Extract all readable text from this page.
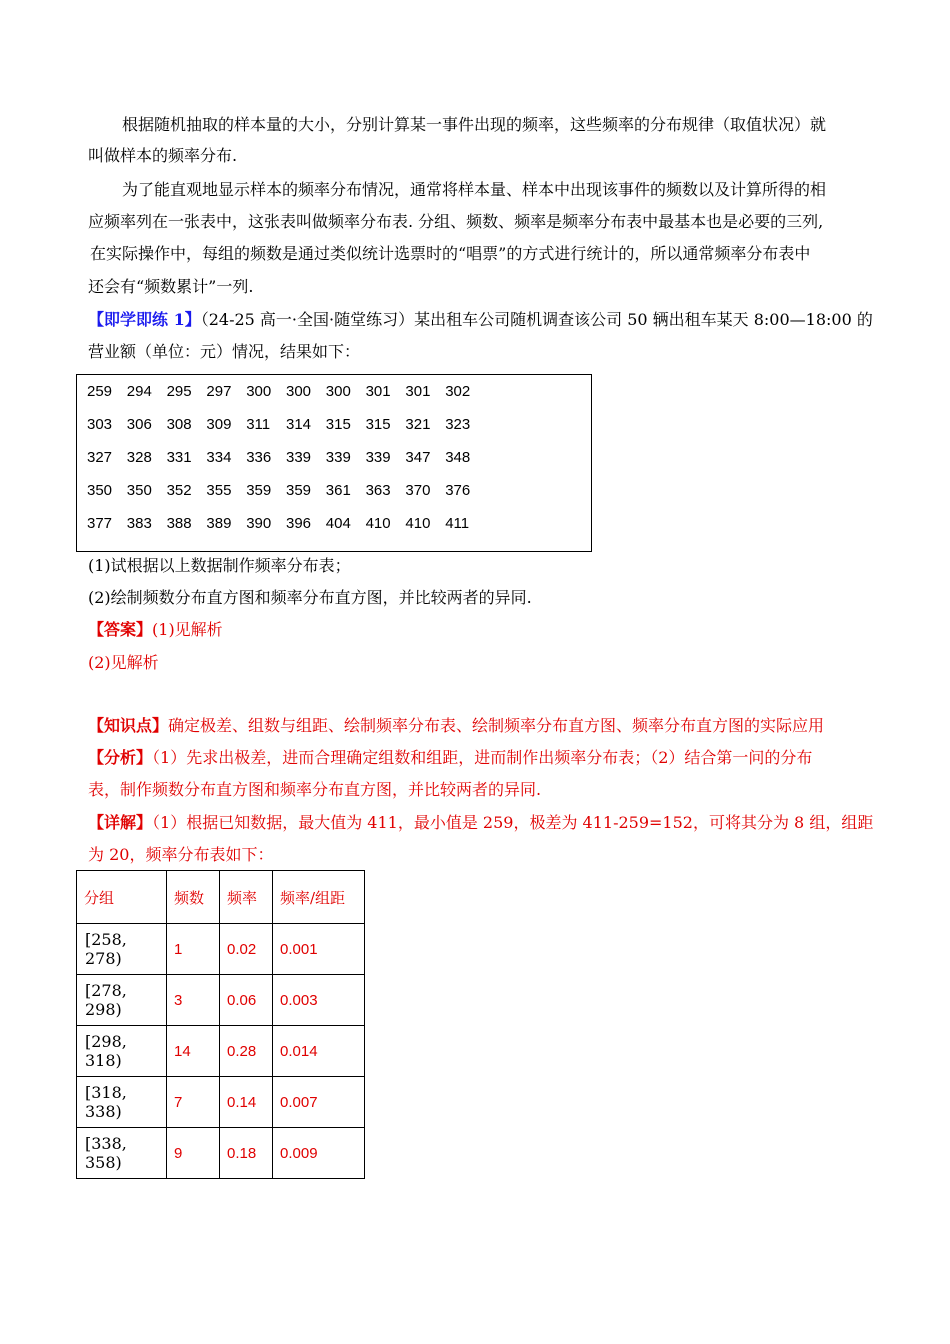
根据随机抽取的样本量的大小，分别计算某一事件出现的频率，这些频率的分布规律（取值状况）就
叫做样本的频率分布.
为了能直观地显示样本的频率分布情况，通常将样本量、样本中出现该事件的频数以及计算所得的相
应频率列在一张表中，这张表叫做频率分布表. 分组、频数、频率是频率分布表中最基本也是必要的三列,
在实际操作中，每组的频数是通过类似统计选票时的“唱票”的方式进行统计的，所以通常频率分布表中
还会有“频数累计”一列.
【即学即练 1】（24-25 高一·全国·随堂练习）某出租车公司随机调查该公司 50 辆出租车某天 8:00—18:00 的
营业额（单位：元）情况，结果如下：
259 294 295 297 300 300 300 301 301 302
303 306 308 309 311	314 315 315 321 323
327 328 331 334 336 339 339 339 347 348
350 350 352 355 359 359 361 363 370 376
377 383 388 389 390 396 404 410 410 411
(1)试根据以上数据制作频率分布表；
(2)绘制频数分布直方图和频率分布直方图，并比较两者的异同.
【答案】(1)见解析
(2)见解析
【知识点】确定极差、组数与组距、绘制频率分布表、绘制频率分布直方图、频率分布直方图的实际应用
【分析】（1）先求出极差，进而合理确定组数和组距，进而制作出频率分布表；（2）结合第一问的分布
表，制作频数分布直方图和频率分布直方图，并比较两者的异同.
【详解】（1）根据已知数据，最大值为 411，最小值是 259，极差为 411-259=152，可将其分为 8 组，组距
为 20，频率分布表如下：
分组	频数	频率	频率/组距
[258, 278)	1	0.02	0.001
[278, 298)	3	0.06	0.003
[298, 318)	14	0.28	0.014
[318, 338)	7	0.14	0.007
[338, 358)	9	0.18	0.009
